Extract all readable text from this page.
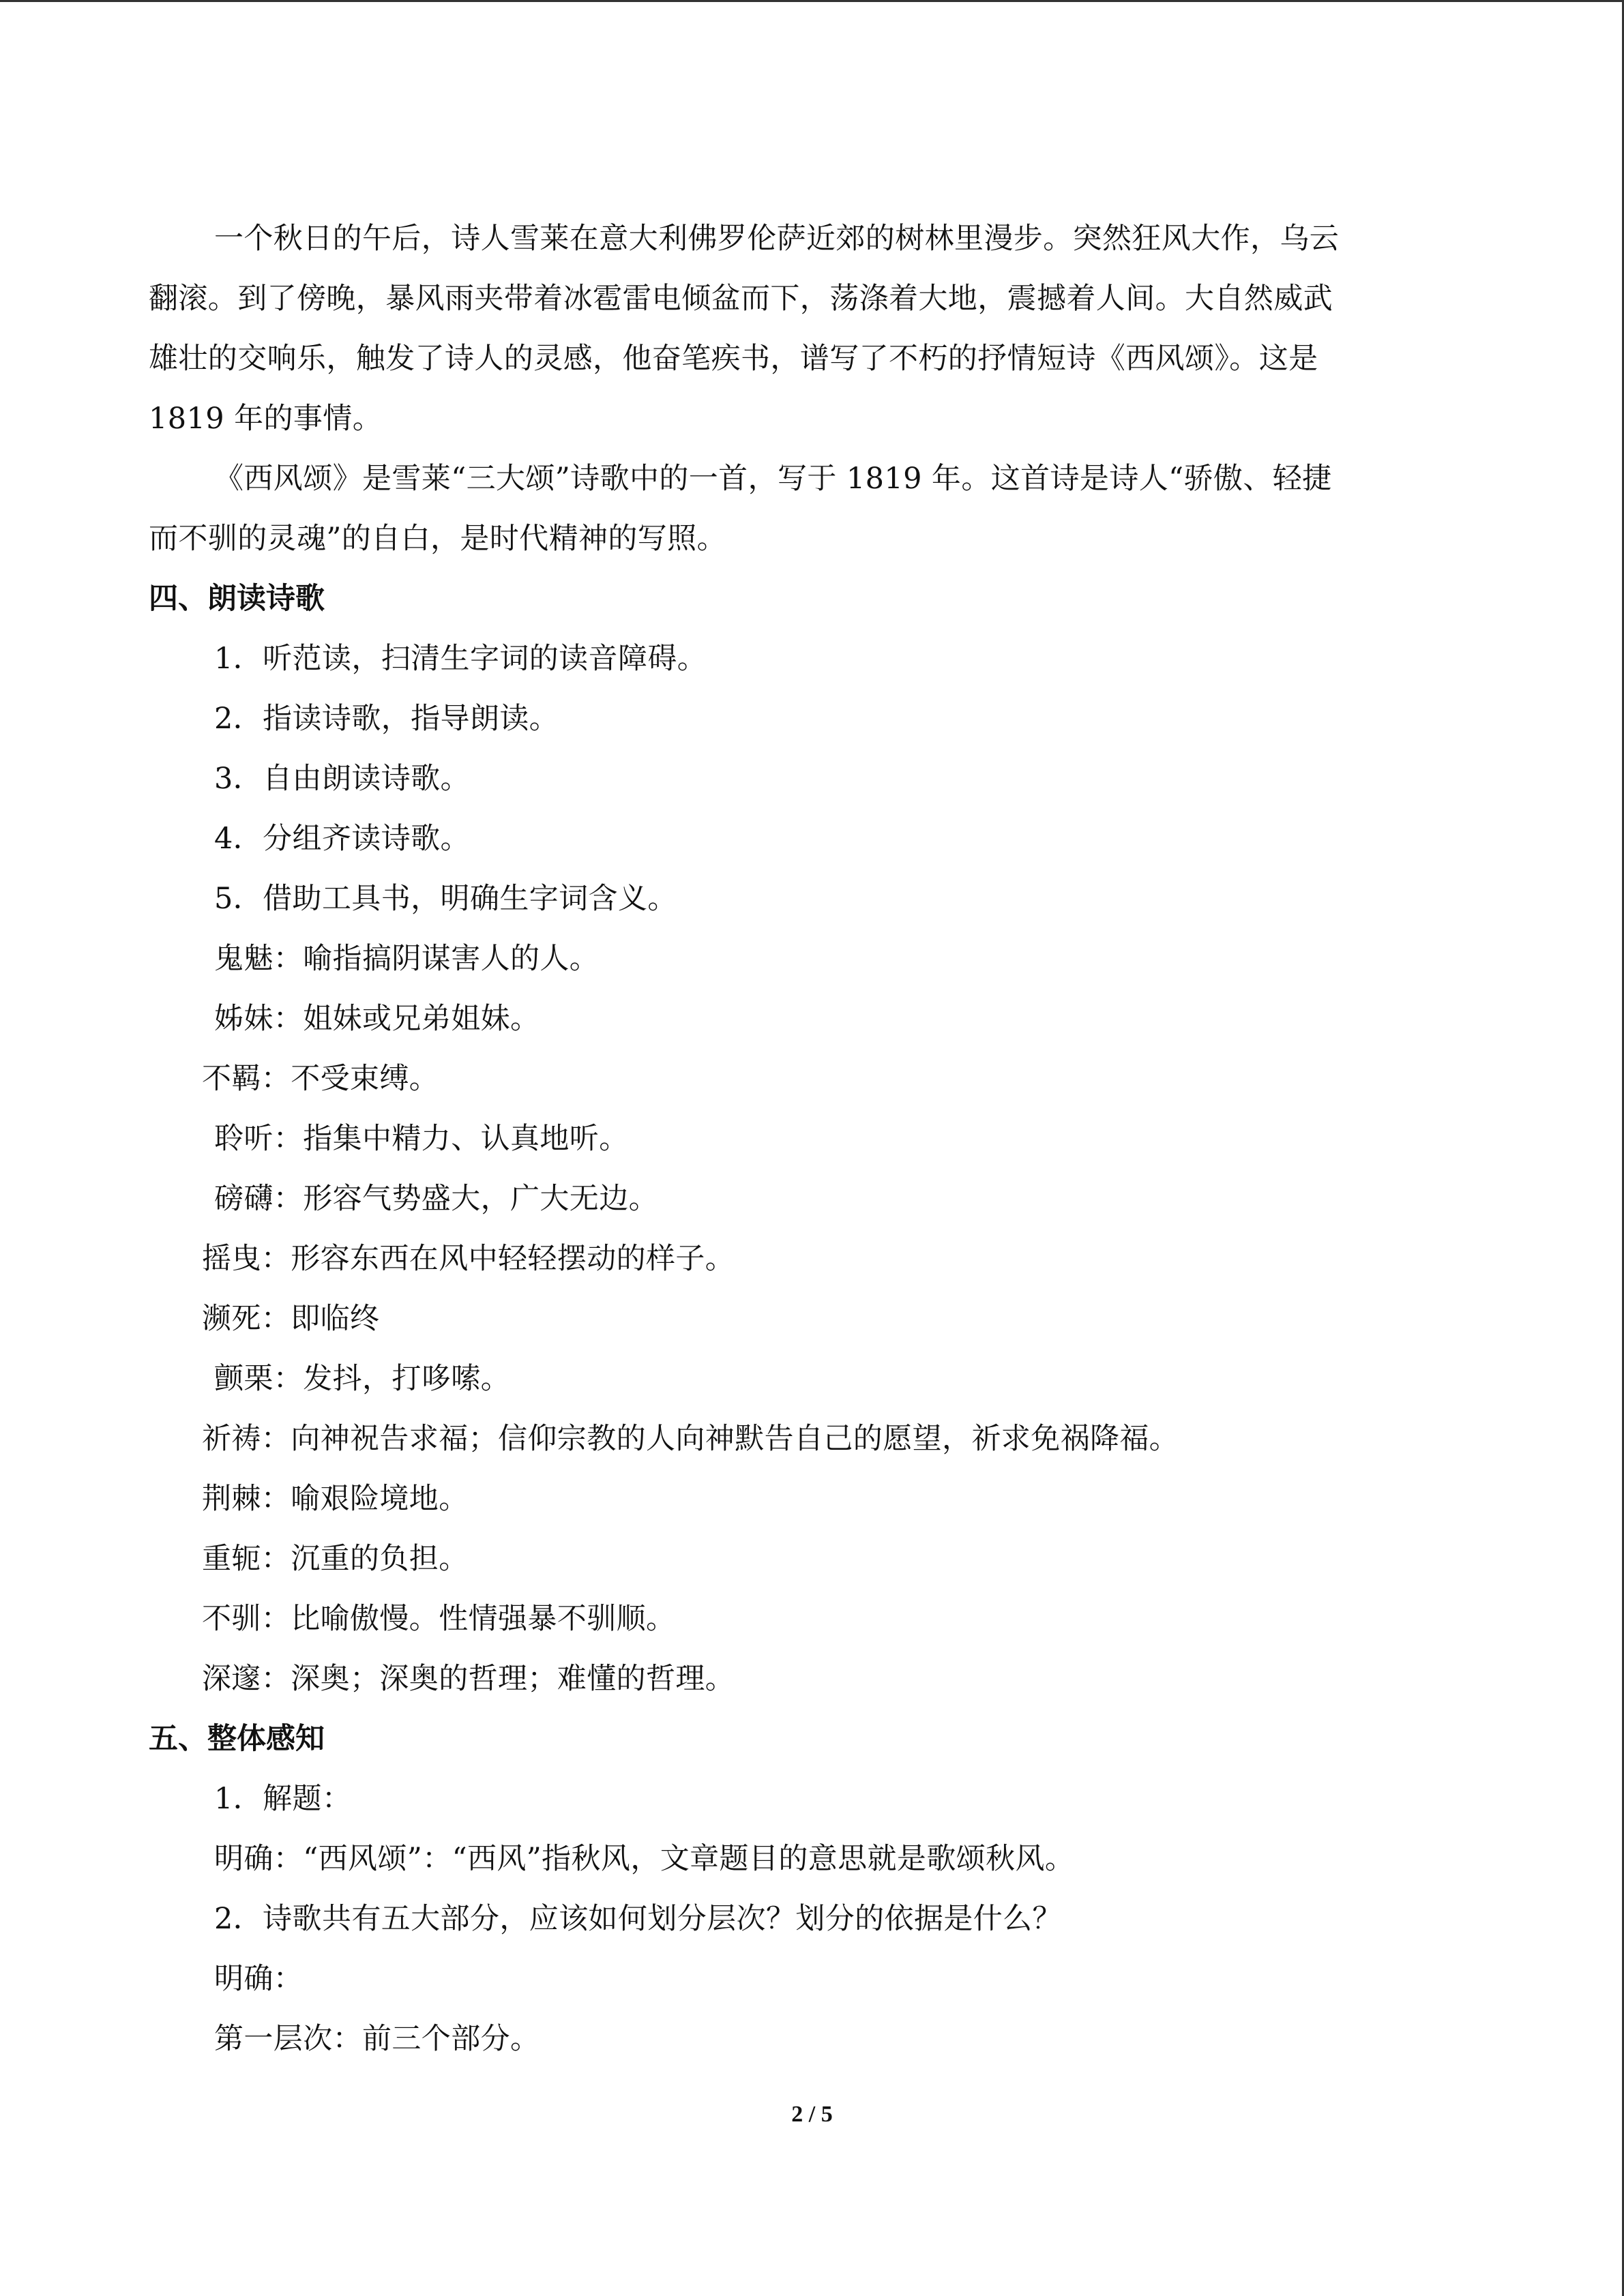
一个秋日的午后，诗人雪莱在意大利佛罗伦萨近郊的树林里漫步。突然狂风大作，乌云
翻滚。到了傍晚，暴风雨夹带着冰雹雷电倾盆而下，荡涤着大地，震撼着人间。大自然威武
雄壮的交响乐，触发了诗人的灵感，他奋笔疾书，谱写了不朽的抒情短诗《西风颂》。这是
1819 年的事情。
《西风颂》是雪莱“三大颂”诗歌中的一首，写于 1819 年。这首诗是诗人“骄傲、轻捷
而不驯的灵魂”的自白，是时代精神的写照。
四、朗读诗歌
1．听范读，扫清生字词的读音障碍。
2．指读诗歌，指导朗读。
3．自由朗读诗歌。
4．分组齐读诗歌。
5．借助工具书，明确生字词含义。
鬼魅：喻指搞阴谋害人的人。
姊妹：姐妹或兄弟姐妹。
不羁：不受束缚。
聆听：指集中精力、认真地听。
磅礴：形容气势盛大，广大无边。
摇曳：形容东西在风中轻轻摆动的样子。
濒死：即临终
颤栗：发抖，打哆嗦。
祈祷：向神祝告求福；信仰宗教的人向神默告自己的愿望，祈求免祸降福。
荆棘：喻艰险境地。
重轭：沉重的负担。
不驯：比喻傲慢。性情强暴不驯顺。
深邃：深奥；深奥的哲理；难懂的哲理。
五、整体感知
1．解题：
明确：“西风颂”：“西风”指秋风，文章题目的意思就是歌颂秋风。
2．诗歌共有五大部分，应该如何划分层次？划分的依据是什么？
明确：
第一层次：前三个部分。
2 / 5
